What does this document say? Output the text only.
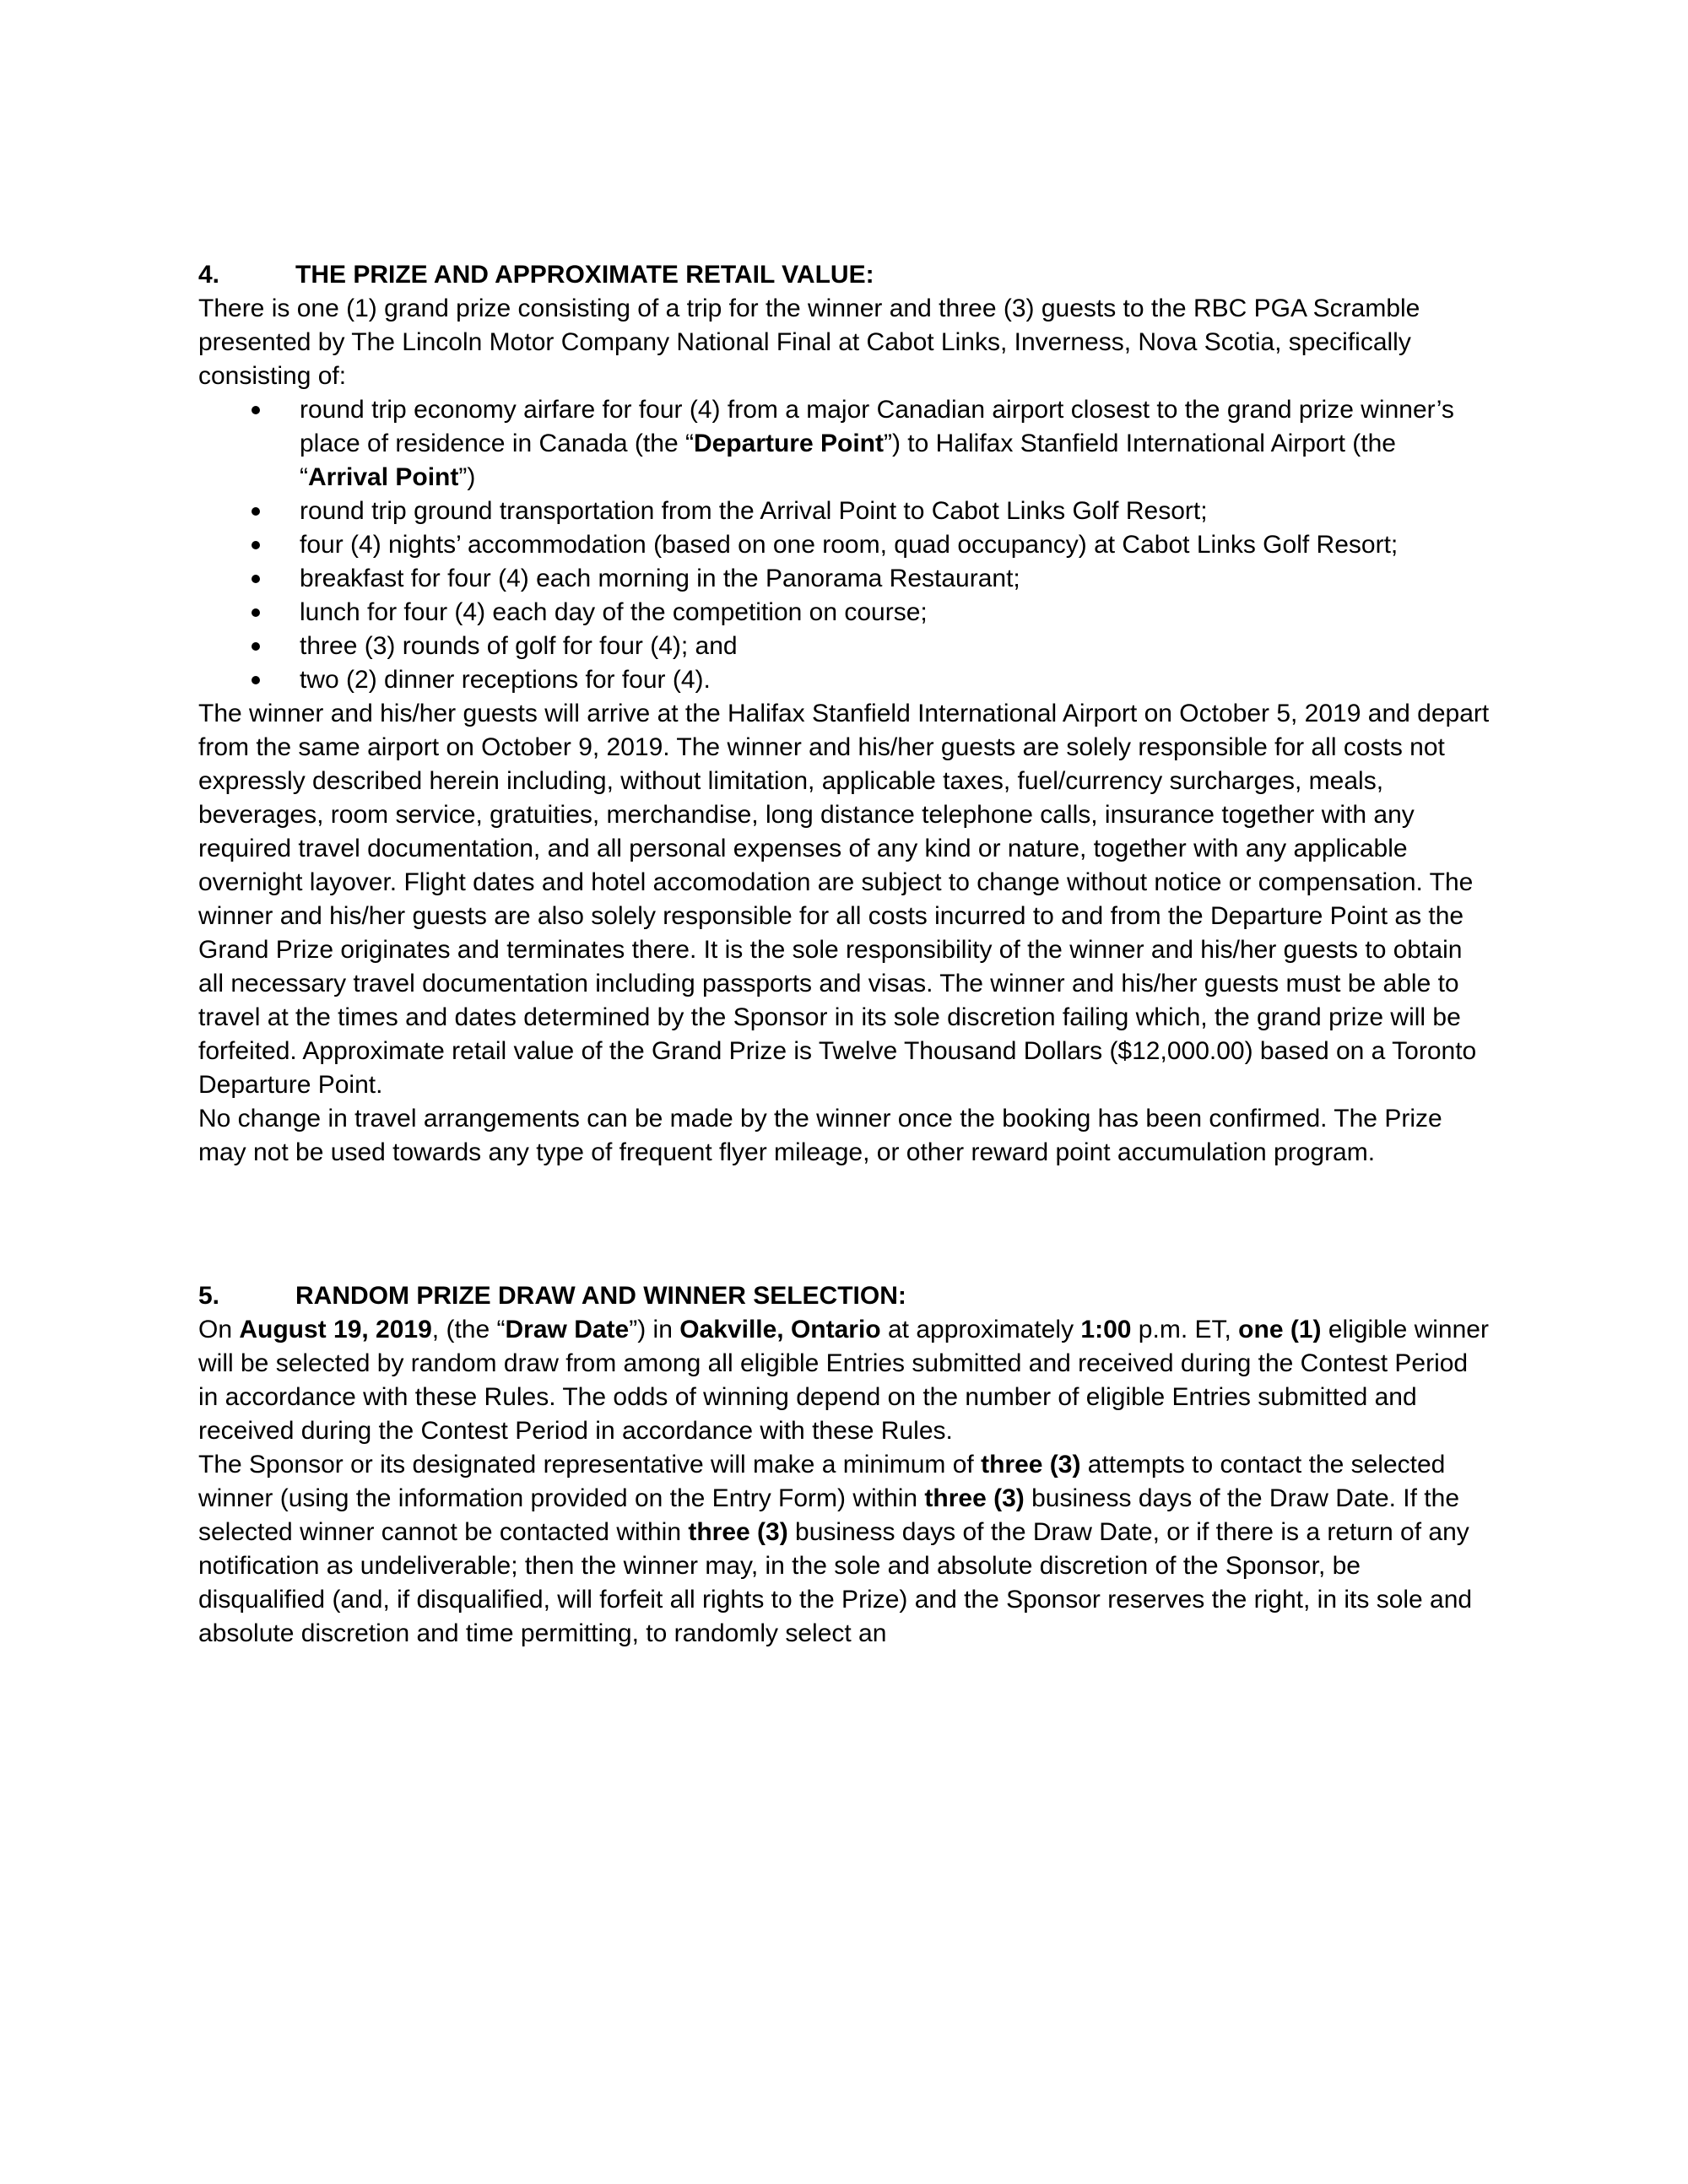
4.	THE PRIZE AND APPROXIMATE RETAIL VALUE:

There is one (1) grand prize consisting of a trip for the winner and three (3) guests to the RBC PGA Scramble presented by The Lincoln Motor Company National Final at Cabot Links, Inverness, Nova Scotia, specifically consisting of:

round trip economy airfare for four (4) from a major Canadian airport closest to the grand prize winner’s place of residence in Canada (the “Departure Point”) to Halifax Stanfield International Airport (the “Arrival Point”)
round trip ground transportation from the Arrival Point to Cabot Links Golf Resort;
four (4) nights’ accommodation (based on one room, quad occupancy) at Cabot Links Golf Resort;
breakfast for four (4) each morning in the Panorama Restaurant;
lunch for four (4) each day of the competition on course;
three (3) rounds of golf for four (4); and
two (2) dinner receptions for four (4).

The winner and his/her guests will arrive at the Halifax Stanfield International Airport on October 5, 2019 and depart from the same airport on October 9, 2019. The winner and his/her guests are solely responsible for all costs not expressly described herein including, without limitation, applicable taxes, fuel/currency surcharges, meals, beverages, room service, gratuities, merchandise, long distance telephone calls, insurance together with any required travel documentation, and all personal expenses of any kind or nature, together with any applicable overnight layover. Flight dates and hotel accomodation are subject to change without notice or compensation. The winner and his/her guests are also solely responsible for all costs incurred to and from the Departure Point as the Grand Prize originates and terminates there. It is the sole responsibility of the winner and his/her guests to obtain all necessary travel documentation including passports and visas. The winner and his/her guests must be able to travel at the times and dates determined by the Sponsor in its sole discretion failing which, the grand prize will be forfeited. Approximate retail value of the Grand Prize is Twelve Thousand Dollars ($12,000.00) based on a Toronto Departure Point.

No change in travel arrangements can be made by the winner once the booking has been confirmed. The Prize may not be used towards any type of frequent flyer mileage, or other reward point accumulation program.

5.	RANDOM PRIZE DRAW AND WINNER SELECTION:

On August 19, 2019, (the “Draw Date”) in Oakville, Ontario at approximately 1:00 p.m. ET, one (1) eligible winner will be selected by random draw from among all eligible Entries submitted and received during the Contest Period in accordance with these Rules. The odds of winning depend on the number of eligible Entries submitted and received during the Contest Period in accordance with these Rules.

The Sponsor or its designated representative will make a minimum of three (3) attempts to contact the selected winner (using the information provided on the Entry Form) within three (3) business days of the Draw Date. If the selected winner cannot be contacted within three (3) business days of the Draw Date, or if there is a return of any notification as undeliverable; then the winner may, in the sole and absolute discretion of the Sponsor, be disqualified (and, if disqualified, will forfeit all rights to the Prize) and the Sponsor reserves the right, in its sole and absolute discretion and time permitting, to randomly select an
